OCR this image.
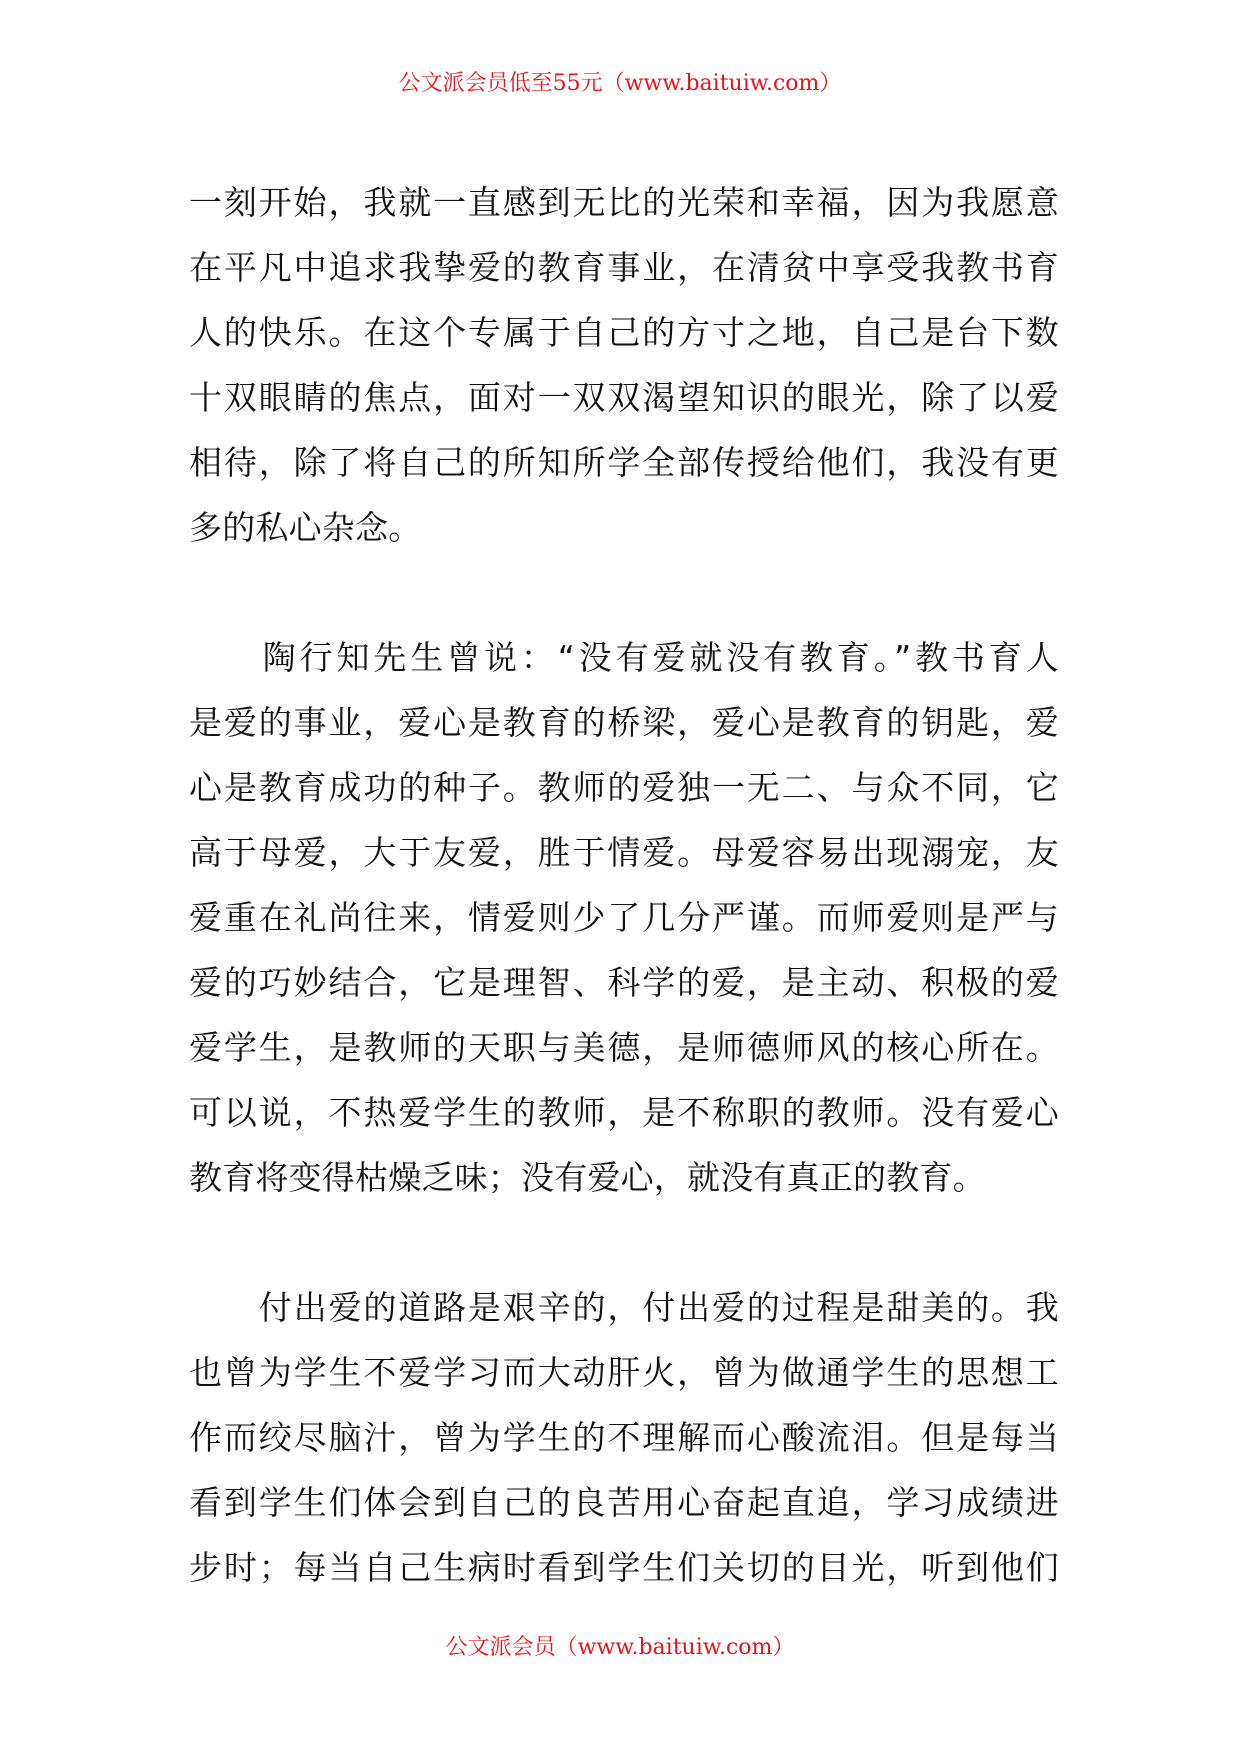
公文派会员低至55元（www.baituiw.com）
一刻开始，我就一直感到无比的光荣和幸福，因为我愿意
在平凡中追求我挚爱的教育事业，在清贫中享受我教书育
人的快乐。在这个专属于自己的方寸之地，自己是台下数
十双眼睛的焦点，面对一双双渴望知识的眼光，除了以爱
相待，除了将自己的所知所学全部传授给他们，我没有更
多的私心杂念。
　　陶行知先生曾说：“没有爱就没有教育。”教书育人
是爱的事业，爱心是教育的桥梁，爱心是教育的钥匙，爱
心是教育成功的种子。教师的爱独一无二、与众不同，它
高于母爱，大于友爱，胜于情爱。母爱容易出现溺宠，友
爱重在礼尚往来，情爱则少了几分严谨。而师爱则是严与
爱的巧妙结合，它是理智、科学的爱，是主动、积极的爱
爱学生，是教师的天职与美德，是师德师风的核心所在。
可以说，不热爱学生的教师，是不称职的教师。没有爱心
教育将变得枯燥乏味；没有爱心，就没有真正的教育。
　　付出爱的道路是艰辛的，付出爱的过程是甜美的。我
也曾为学生不爱学习而大动肝火，曾为做通学生的思想工
作而绞尽脑汁，曾为学生的不理解而心酸流泪。但是每当
看到学生们体会到自己的良苦用心奋起直追，学习成绩进
步时；每当自己生病时看到学生们关切的目光，听到他们
公文派会员（www.baituiw.com）
